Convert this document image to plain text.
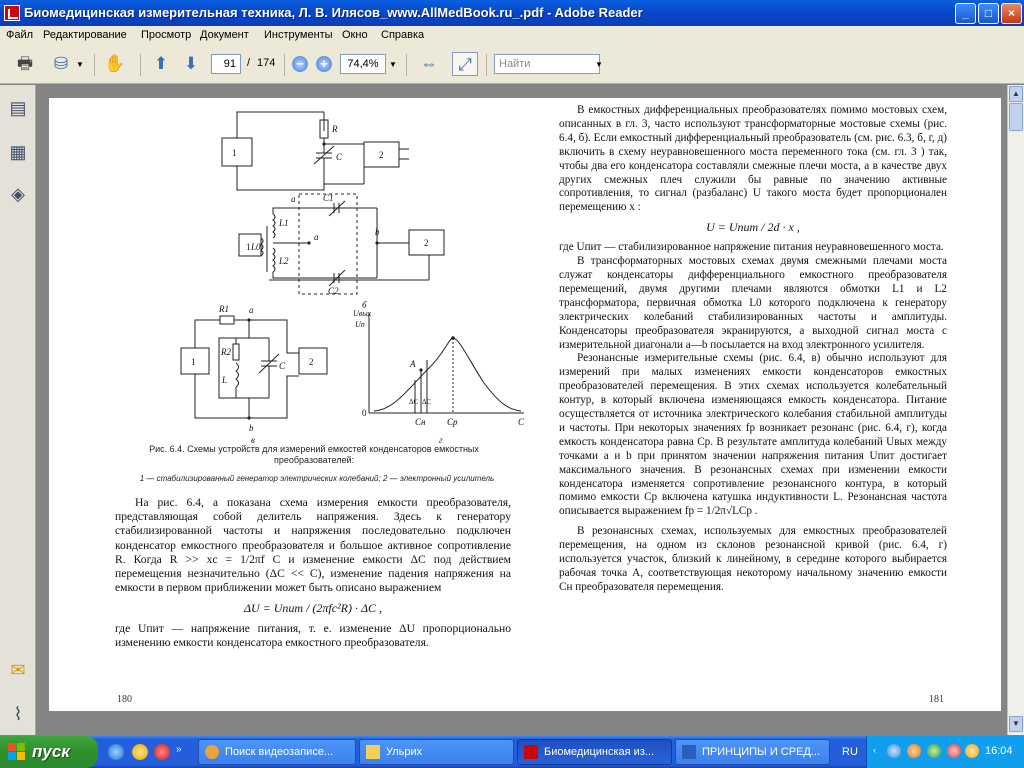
Биомедицинская измерительная техника, Л. В. Илясов_www.AllMedBook.ru_.pdf - Adobe Reader	_	□	×
Файл Редактирование Просмотр Документ Инструменты Окно Справка
🖶	⛁ ▼ ✋	⬆ ⬇	91	/ 174	−	+	74,4%	▼ ⇔	⤢	Найти	▼
▤
▦
◈
✉
⌇
1	2
R
C
а
1	2
L0
L1
L2
C1
C2
a	b
б
1	2
R1
R2
L
C
a
b
в
Uвых
Uп
A
ΔC ΔC
Cн Cр	C
0
г
Рис. 6.4. Схемы устройств для измерений емкостей конденсаторов емкостных преобразователей:
1 — стабилизированный генератор электрических колебаний; 2 — электронный усилитель

На рис. 6.4, а показана схема измерения емкости преобразователя, представляющая собой делитель напряжения. Здесь к генератору стабилизированной частоты и напряжения последовательно подключен конденсатор емкостного преобразователя и большое активное сопротивление R. Когда R >> xc = 1/2πf C и изменение емкости ΔC под действием перемещения незначительно (ΔC << C), изменение падения напряжения на емкости в первом приближении может быть описано выражением

ΔU = Uпит / (2πfc²R) · ΔC ,

где Uпит — напряжение питания, т. е. изменение ΔU пропорционально изменению емкости конденсатора емкостного преобразователя.

В емкостных дифференциальных преобразователях помимо мостовых схем, описанных в гл. 3, часто используют трансформаторные мостовые схемы (рис. 6.4, б). Если емкостный дифференциальный преобразователь (см. рис. 6.3, б, г, д) включить в схему неуравновешенного моста переменного тока (см. гл. 3 ) так, чтобы два его конденсатора составляли смежные плечи моста, а в качестве двух других смежных плеч служили бы равные по значению активные сопротивления, то сигнал (разбаланс) U такого моста будет пропорционален перемещению x :

U = Uпит / 2d · x ,

где Uпит — стабилизированное напряжение питания неуравновешенного моста.

В трансформаторных мостовых схемах двумя смежными плечами моста служат конденсаторы дифференциального емкостного преобразователя перемещений, двумя другими плечами являются обмотки L1 и L2 трансформатора, первичная обмотка L0 которого подключена к генератору электрических колебаний стабилизированных частоты и амплитуды. Конденсаторы преобразователя экранируются, а выходной сигнал моста с измерительной диагонали а—b посылается на вход электронного усилителя.

Резонансные измерительные схемы (рис. 6.4, в) обычно используют для измерений при малых изменениях емкости конденсаторов емкостных преобразователей перемещения. В этих схемах используется колебательный контур, в который включена изменяющаяся емкость конденсатора. Питание осуществляется от источника электрического колебания стабильной амплитуды и частоты. При некоторых значениях fр возникает резонанс (рис. 6.4, г), когда емкость конденсатора равна Cр. В результате амплитуда колебаний Uвых между точками а и b при принятом значении напряжения питания Uпит достигает максимального значения. В резонансных схемах при изменении емкости конденсатора изменяется сопротивление резонансного контура, в который помимо емкости Cр включена катушка индуктивности L. Резонансная частота описывается выражением fр = 1/2π√LCр .

В резонансных схемах, используемых для емкостных преобразователей перемещения, на одном из склонов резонансной кривой (рис. 6.4, г) используется участок, близкий к линейному, в середине которого выбирается рабочая точка A, соответствующая некоторому начальному значению емкости Cн преобразователя перемещения.

180	181
▲
▼
пуск	»	Поиск видеозаписе...	Ульрих	Биомедицинская из...	ПРИНЦИПЫ И СРЕД...	RU ‹	16:04
